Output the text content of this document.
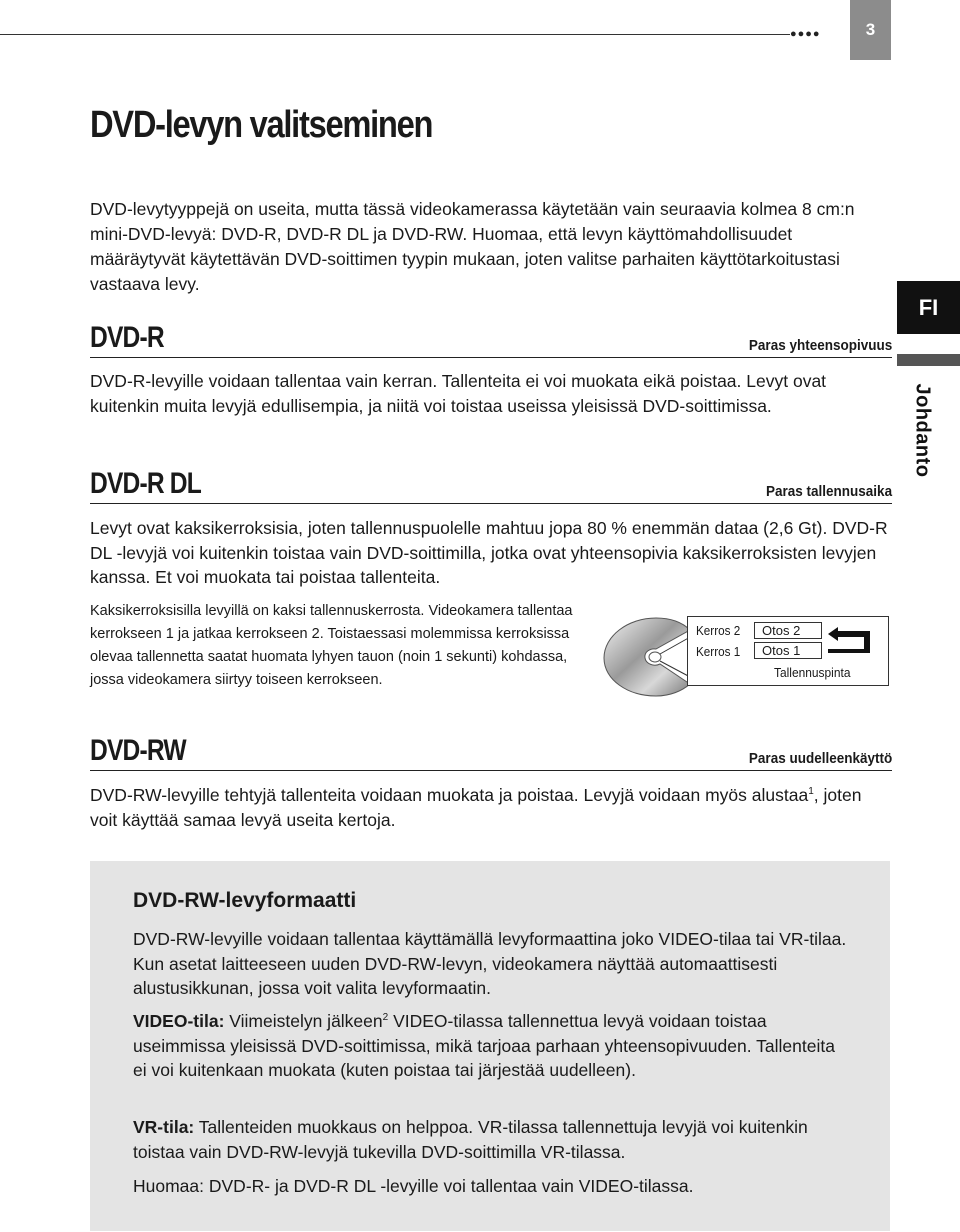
●●●●	3
FI
Johdanto
DVD-levyn valitseminen

DVD-levytyyppejä on useita, mutta tässä videokamerassa käytetään vain seuraavia kolmea 8 cm:n mini-DVD-levyä: DVD-R, DVD-R DL ja DVD-RW. Huomaa, että levyn käyttömahdollisuudet määräytyvät käytettävän DVD-soittimen tyypin mukaan, joten valitse parhaiten käyttötarkoitustasi vastaava levy.

DVD-R	Paras yhteensopivuus

DVD-R-levyille voidaan tallentaa vain kerran. Tallenteita ei voi muokata eikä poistaa. Levyt ovat kuitenkin muita levyjä edullisempia, ja niitä voi toistaa useissa yleisissä DVD-soittimissa.

DVD-R DL	Paras tallennusaika

Levyt ovat kaksikerroksisia, joten tallennuspuolelle mahtuu jopa 80 % enemmän dataa (2,6 Gt). DVD-R DL -levyjä voi kuitenkin toistaa vain DVD-soittimilla, jotka ovat yhteensopivia kaksikerroksisten levyjen kanssa. Et voi muokata tai poistaa tallenteita.

Kaksikerroksisilla levyillä on kaksi tallennuskerrosta. Videokamera tallentaa kerrokseen 1 ja jatkaa kerrokseen 2. Toistaessasi molemmissa kerroksissa olevaa tallennetta saatat huomata lyhyen tauon (noin 1 sekunti) kohdassa, jossa videokamera siirtyy toiseen kerrokseen.

Kerros 2
Kerros 1
Otos 2
Otos 1
Tallennuspinta
DVD-RW	Paras uudelleenkäyttö

DVD-RW-levyille tehtyjä tallenteita voidaan muokata ja poistaa. Levyjä voidaan myös alustaa$^1$, joten voit käyttää samaa levyä useita kertoja.

DVD-RW-levyformaatti

DVD-RW-levyille voidaan tallentaa käyttämällä levyformaattina joko VIDEO-tilaa tai VR-tilaa. Kun asetat laitteeseen uuden DVD-RW-levyn, videokamera näyttää automaattisesti alustusikkunan, jossa voit valita levyformaatin.

VIDEO-tila: Viimeistelyn jälkeen$^2$ VIDEO-tilassa tallennettua levyä voidaan toistaa useimmissa yleisissä DVD-soittimissa, mikä tarjoaa parhaan yhteensopivuuden. Tallenteita ei voi kuitenkaan muokata (kuten poistaa tai järjestää uudelleen).

VR-tila: Tallenteiden muokkaus on helppoa. VR-tilassa tallennettuja levyjä voi kuitenkin toistaa vain DVD-RW-levyjä tukevilla DVD-soittimilla VR-tilassa.

Huomaa: DVD-R- ja DVD-R DL -levyille voi tallentaa vain VIDEO-tilassa.
